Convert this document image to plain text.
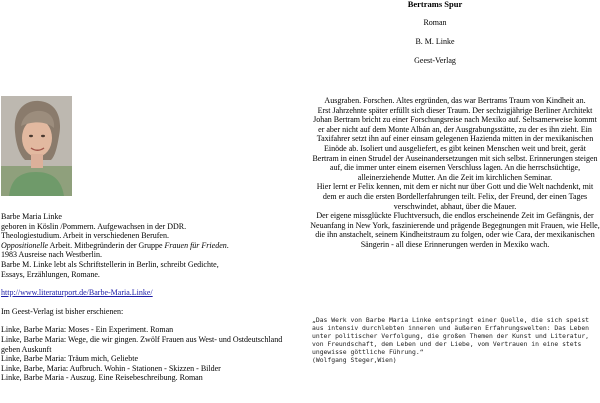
Bertrams Spur
Roman
B. M. Linke
Geest-Verlag

Barbe Maria Linke

geboren in Köslin /Pommern. Aufgewachsen in der DDR.

Theologiestudium. Arbeit in verschiedenen Berufen.

Oppositionelle Arbeit. Mitbegründerin der Gruppe Frauen für Frieden.

1983 Ausreise nach Westberlin.

Barbe M. Linke lebt als Schriftstellerin in Berlin, schreibt Gedichte,

Essays, Erzählungen, Romane.

http://www.literaturport.de/Barbe-Maria.Linke/

Im Geest-Verlag ist bisher erschienen:

Linke, Barbe Maria: Moses - Ein Experiment. Roman

Linke, Barbe Maria: Wege, die wir gingen. Zwölf Frauen aus West- und Ostdeutschland geben Auskunft

Linke, Barbe Maria: Träum mich, Geliebte

Linke, Barbe, Maria: Aufbruch. Wohin - Stationen - Skizzen - Bilder

Linke, Barbe Maria - Auszug. Eine Reisebeschreibung. Roman

Ausgraben. Forschen. Altes ergründen, das war Bertrams Traum von Kindheit an.

Erst Jahrzehnte später erfüllt sich dieser Traum. Der sechzigjährige Berliner Architekt Johan Bertram bricht zu einer Forschungsreise nach Mexiko auf. Seltsamerweise kommt er aber nicht auf dem Monte Albán an, der Ausgrabungsstätte, zu der es ihn zieht. Ein Taxifahrer setzt ihn auf einer einsam gelegenen Hazienda mitten in der mexikanischen Einöde ab. Isoliert und ausgeliefert, es gibt keinen Menschen weit und breit, gerät Bertram in einen Strudel der Auseinandersetzungen mit sich selbst. Erinnerungen steigen auf, die immer unter einem eisernen Verschluss lagen. An die herrschsüchtige, alleinerziehende Mutter. An die Zeit im kirchlichen Seminar.

Hier lernt er Felix kennen, mit dem er nicht nur über Gott und die Welt nachdenkt, mit dem er auch die ersten Bordellerfahrungen teilt. Felix, der Freund, der einen Tages verschwindet, abhaut, über die Mauer.

Der eigene missglückte Fluchtversuch, die endlos erscheinende Zeit im Gefängnis, der Neuanfang in New York, faszinierende und prägende Begegnungen mit Frauen, wie Helle, die ihn anstachelt, seinem Kindheitstraum zu folgen, oder wie Cara, der mexikanischen Sängerin - all diese Erinnerungen werden in Mexiko wach.

„Das Werk von Barbe Maria Linke entspringt einer Quelle, die sich speist aus intensiv durchlebten inneren und äußeren Erfahrungswelten: Das Leben unter politischer Verfolgung, die großen Themen der Kunst und Literatur, von Freundschaft, dem Leben und der Liebe, vom Vertrauen in eine stets ungewisse göttliche Führung.“
(Wolfgang Steger,Wien)
